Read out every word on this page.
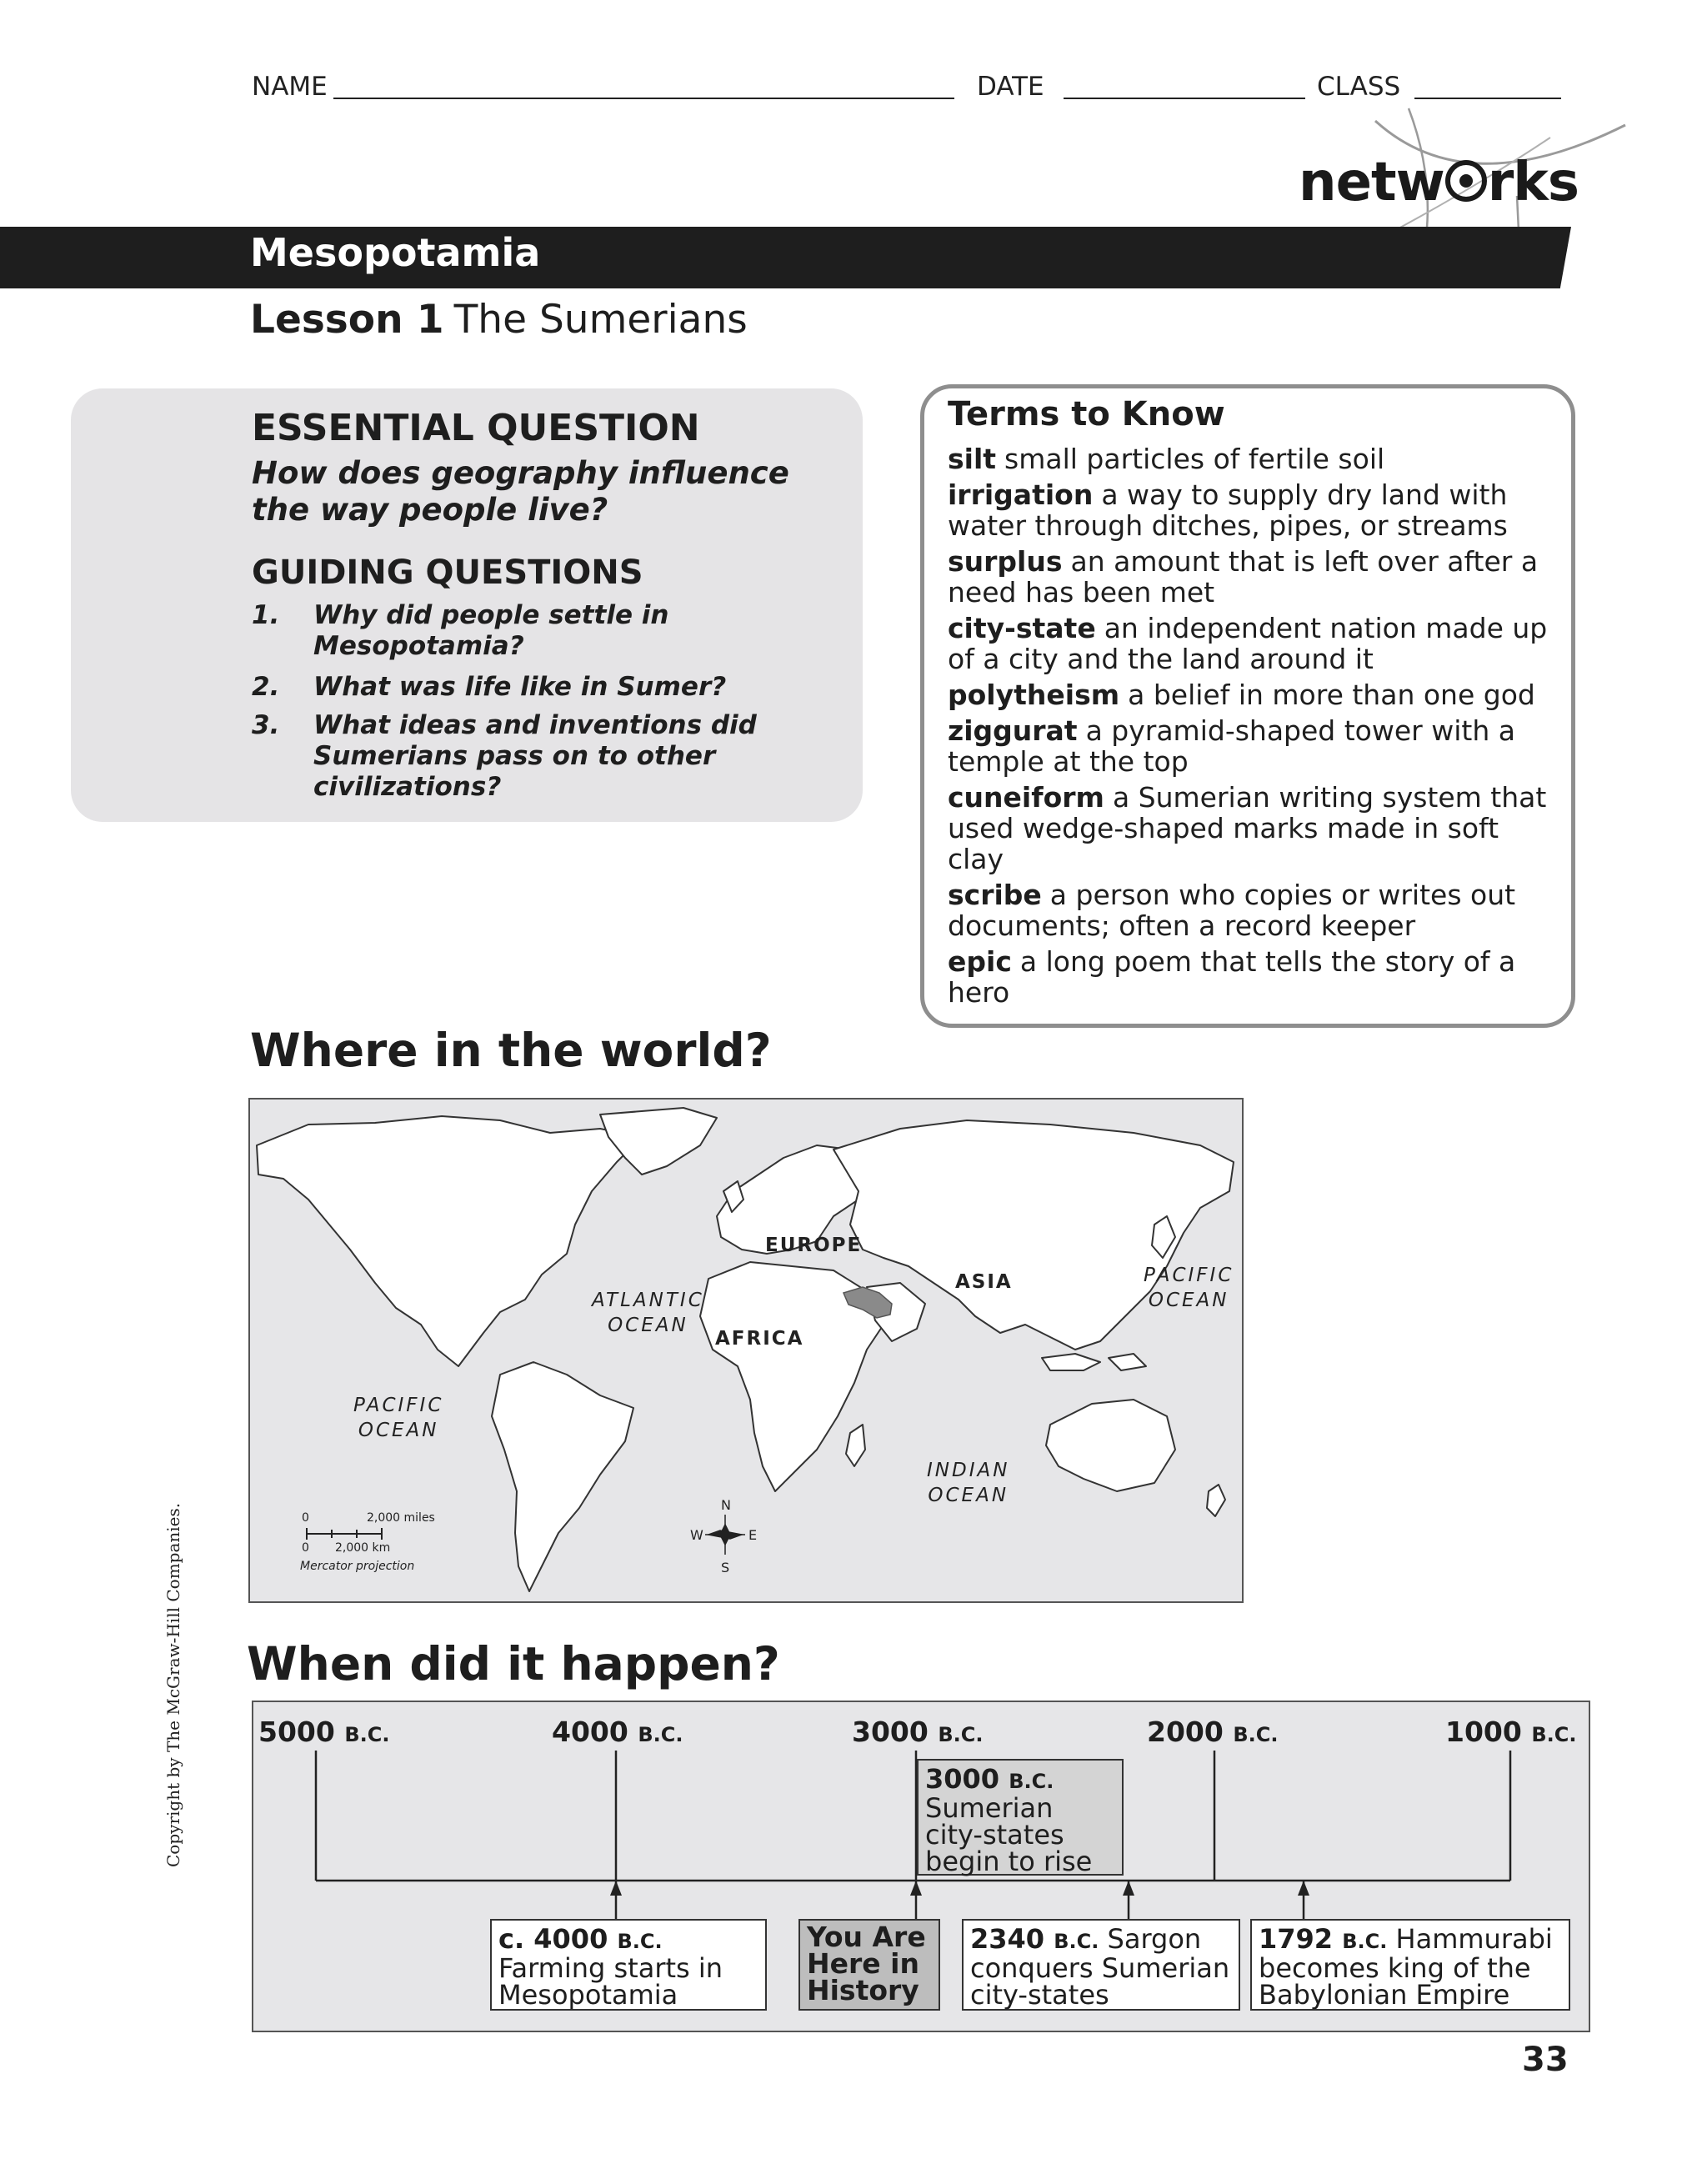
NAME	DATE	CLASS
netw rks
Mesopotamia
Lesson 1 The Sumerians
ESSENTIAL QUESTION
How does geography influence the way people live?
GUIDING QUESTIONS
1. Why did people settle in Mesopotamia?
2. What was life like in Sumer?
3. What ideas and inventions did Sumerians pass on to other civilizations?
Terms to Know
silt small particles of fertile soil
irrigation a way to supply dry land with water through ditches, pipes, or streams
surplus an amount that is left over after a need has been met
city-state an independent nation made up of a city and the land around it
polytheism a belief in more than one god
ziggurat a pyramid-shaped tower with a temple at the top
cuneiform a Sumerian writing system that used wedge-shaped marks made in soft clay
scribe a person who copies or writes out documents; often a record keeper
epic a long poem that tells the story of a hero
Where in the world?
EUROPE
ASIA
AFRICA
ATLANTIC
OCEAN
PACIFIC
OCEAN
PACIFIC
OCEAN
INDIAN
OCEAN
0	2,000 miles
0 2,000 km
Mercator projection
N
S
E
W
When did it happen?
5000 B.C.	4000 B.C.	3000 B.C.	2000 B.C.	1000 B.C.
3000 B.C.
Sumerian
city-states
begin to rise
c. 4000 B.C.
Farming starts in
Mesopotamia
You Are
Here in
History
2340 B.C. Sargon
conquers Sumerian
city-states
1792 B.C. Hammurabi
becomes king of the
Babylonian Empire
Copyright by The McGraw-Hill Companies.
33
